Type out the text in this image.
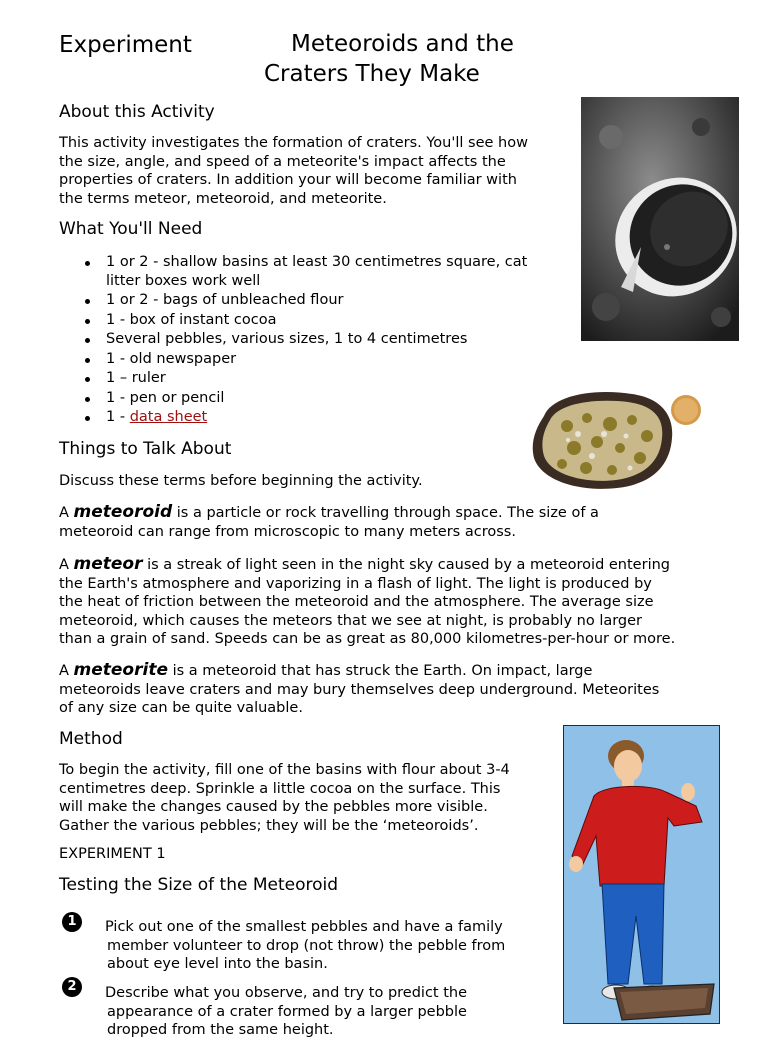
Experiment	Meteoroids and the
Craters They Make
About this Activity
This activity investigates the formation of craters. You'll see how
the size, angle, and speed of a meteorite's impact affects the
properties of craters. In addition your will become familiar with
the terms meteor, meteoroid, and meteorite.
What You'll Need
1 or 2 - shallow basins at least 30 centimetres square, cat
litter boxes work well
1 or 2 - bags of unbleached flour
1 - box of instant cocoa
Several pebbles, various sizes, 1 to 4 centimetres
1 - old newspaper
1 – ruler
1 - pen or pencil
1 - data sheet
Things to Talk About
Discuss these terms before beginning the activity.
A meteoroid is a particle or rock travelling through space. The size of a
meteoroid can range from microscopic to many meters across.
A meteor is a streak of light seen in the night sky caused by a meteoroid entering
the Earth's atmosphere and vaporizing in a flash of light. The light is produced by
the heat of friction between the meteoroid and the atmosphere. The average size
meteoroid, which causes the meteors that we see at night, is probably no larger
than a grain of sand. Speeds can be as great as 80,000 kilometres-per-hour or more.
A meteorite is a meteoroid that has struck the Earth. On impact, large
meteoroids leave craters and may bury themselves deep underground. Meteorites
of any size can be quite valuable.
Method
To begin the activity, fill one of the basins with flour about 3-4
centimetres deep. Sprinkle a little cocoa on the surface. This
will make the changes caused by the pebbles more visible.
Gather the various pebbles; they will be the ‘meteoroids’.
EXPERIMENT 1
Testing the Size of the Meteoroid
1	Pick out one of the smallest pebbles and have a family
member volunteer to drop (not throw) the pebble from
about eye level into the basin.
2	Describe what you observe, and try to predict the
appearance of a crater formed by a larger pebble
dropped from the same height.
